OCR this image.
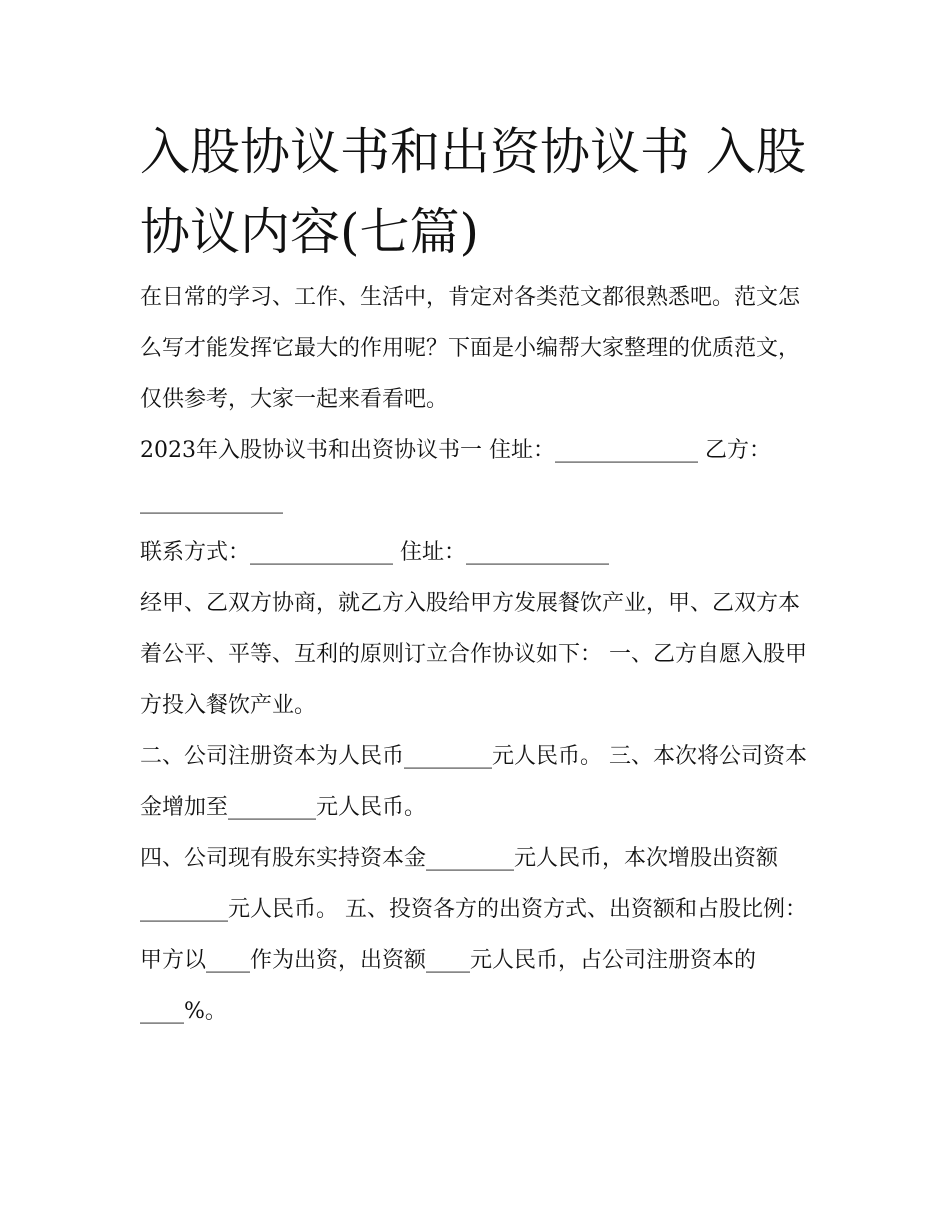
入股协议书和出资协议书 入股协议内容(七篇)

在日常的学习、工作、生活中，肯定对各类范文都很熟悉吧。范文怎么写才能发挥它最大的作用呢？下面是小编帮大家整理的优质范文，仅供参考，大家一起来看看吧。

2023年入股协议书和出资协议书一 住址：_____________ 乙方：_____________

联系方式：_____________ 住址：_____________

经甲、乙双方协商，就乙方入股给甲方发展餐饮产业，甲、乙双方本着公平、平等、互利的原则订立合作协议如下： 一、乙方自愿入股甲方投入餐饮产业。

二、公司注册资本为人民币________元人民币。 三、本次将公司资本金增加至________元人民币。

四、公司现有股东实持资本金________元人民币，本次增股出资额________元人民币。 五、投资各方的出资方式、出资额和占股比例：

甲方以____作为出资，出资额____元人民币，占公司注册资本的____%。
